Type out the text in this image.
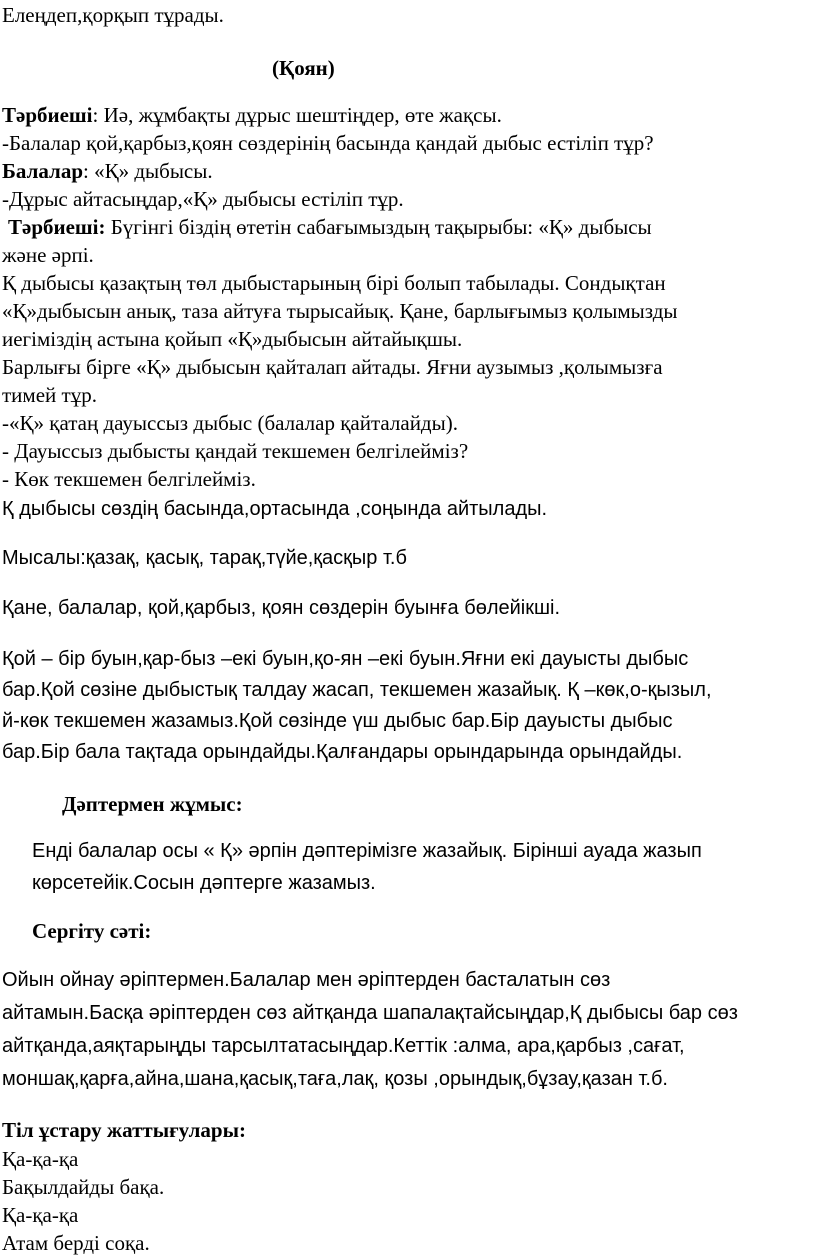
Елеңдеп,қорқып тұрады.
(Қоян)
Тәрбиеші: Иә, жұмбақты дұрыс шештіңдер, өте жақсы.
-Балалар қой,қарбыз,қоян сөздерінің басында қандай дыбыс естіліп тұр?
Балалар: «Қ» дыбысы.
-Дұрыс айтасыңдар,«Қ» дыбысы естіліп тұр.
Тәрбиеші: Бүгінгі біздің өтетін сабағымыздың тақырыбы: «Қ» дыбысы
және әрпі.
Қ дыбысы қазақтың төл дыбыстарының бірі болып табылады. Сондықтан
«Қ»дыбысын анық, таза айтуға тырысайық. Қане, барлығымыз қолымызды
иегіміздің астына қойып «Қ»дыбысын айтайықшы.
Барлығы бірге «Қ» дыбысын қайталап айтады. Яғни аузымыз ,қолымызға
тимей тұр.
-«Қ» қатаң дауыссыз дыбыс (балалар қайталайды).
- Дауыссыз дыбысты қандай текшемен белгілейміз?
- Көк текшемен белгілейміз.
Қ дыбысы сөздің басында,ортасында ,соңында айтылады.
Мысалы:қазақ, қасық, тарақ,түйе,қасқыр т.б
Қане, балалар, қой,қарбыз, қоян сөздерін буынға бөлейікші.
Қой – бір буын,қар-быз –екі буын,қо-ян –екі буын.Яғни екі дауысты дыбыс
бар.Қой сөзіне дыбыстық талдау жасап, текшемен жазайық. Қ –көк,о-қызыл,
й-көк текшемен жазамыз.Қой сөзінде үш дыбыс бар.Бір дауысты дыбыс
бар.Бір бала тақтада орындайды.Қалғандары орындарында орындайды.
Дәптермен жұмыс:
Енді балалар осы « Қ» әрпін дәптерімізге жазайық. Бірінші ауада жазып
көрсетейік.Сосын дәптерге жазамыз.
Сергіту сәті:
Ойын ойнау әріптермен.Балалар мен әріптерден басталатын сөз
айтамын.Басқа әріптерден сөз айтқанда шапалақтайсыңдар,Қ дыбысы бар сөз
айтқанда,аяқтарыңды тарсылтатасыңдар.Кеттік :алма, ара,қарбыз ,сағат,
моншақ,қарға,айна,шана,қасық,таға,лақ, қозы ,орындық,бұзау,қазан т.б.
Тіл ұстару жаттығулары:
Қа-қа-қа
Бақылдайды бақа.
Қа-қа-қа
Атам берді соқа.
